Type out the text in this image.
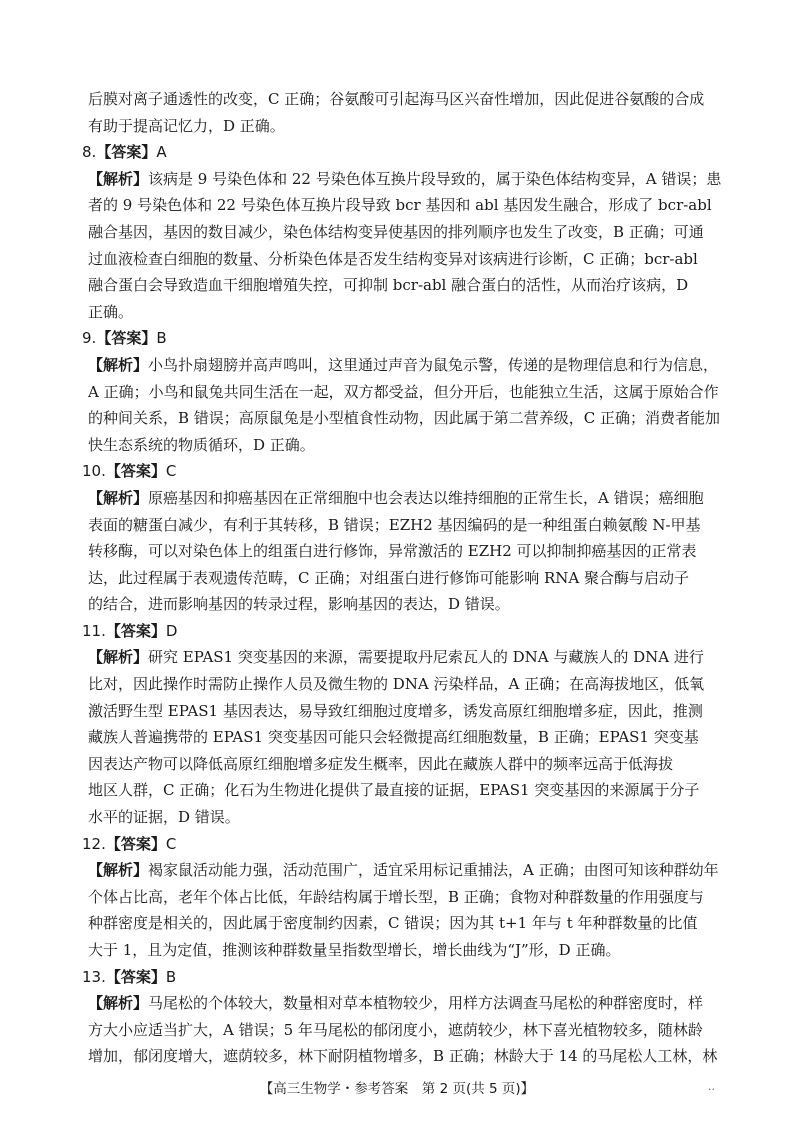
后膜对离子通透性的改变，C 正确；谷氨酸可引起海马区兴奋性增加，因此促进谷氨酸的合成
有助于提高记忆力，D 正确。
8.【答案】A
【解析】该病是 9 号染色体和 22 号染色体互换片段导致的，属于染色体结构变异，A 错误；患
者的 9 号染色体和 22 号染色体互换片段导致 bcr 基因和 abl 基因发生融合，形成了 bcr-abl
融合基因，基因的数目减少，染色体结构变异使基因的排列顺序也发生了改变，B 正确；可通
过血液检查白细胞的数量、分析染色体是否发生结构变异对该病进行诊断，C 正确；bcr-abl
融合蛋白会导致造血干细胞增殖失控，可抑制 bcr-abl 融合蛋白的活性，从而治疗该病，D
正确。
9.【答案】B
【解析】小鸟扑扇翅膀并高声鸣叫，这里通过声音为鼠兔示警，传递的是物理信息和行为信息，
A 正确；小鸟和鼠兔共同生活在一起，双方都受益，但分开后，也能独立生活，这属于原始合作
的种间关系，B 错误；高原鼠兔是小型植食性动物，因此属于第二营养级，C 正确；消费者能加
快生态系统的物质循环，D 正确。
10.【答案】C
【解析】原癌基因和抑癌基因在正常细胞中也会表达以维持细胞的正常生长，A 错误；癌细胞
表面的糖蛋白减少，有利于其转移，B 错误；EZH2 基因编码的是一种组蛋白赖氨酸 N-甲基
转移酶，可以对染色体上的组蛋白进行修饰，异常激活的 EZH2 可以抑制抑癌基因的正常表
达，此过程属于表观遗传范畴，C 正确；对组蛋白进行修饰可能影响 RNA 聚合酶与启动子
的结合，进而影响基因的转录过程，影响基因的表达，D 错误。
11.【答案】D
【解析】研究 EPAS1 突变基因的来源，需要提取丹尼索瓦人的 DNA 与藏族人的 DNA 进行
比对，因此操作时需防止操作人员及微生物的 DNA 污染样品，A 正确；在高海拔地区，低氧
激活野生型 EPAS1 基因表达，易导致红细胞过度增多，诱发高原红细胞增多症，因此，推测
藏族人普遍携带的 EPAS1 突变基因可能只会轻微提高红细胞数量，B 正确；EPAS1 突变基
因表达产物可以降低高原红细胞增多症发生概率，因此在藏族人群中的频率远高于低海拔
地区人群，C 正确；化石为生物进化提供了最直接的证据，EPAS1 突变基因的来源属于分子
水平的证据，D 错误。
12.【答案】C
【解析】褐家鼠活动能力强，活动范围广，适宜采用标记重捕法，A 正确；由图可知该种群幼年
个体占比高，老年个体占比低，年龄结构属于增长型，B 正确；食物对种群数量的作用强度与
种群密度是相关的，因此属于密度制约因素，C 错误；因为其 t+1 年与 t 年种群数量的比值
大于 1，且为定值，推测该种群数量呈指数型增长，增长曲线为“J”形，D 正确。
13.【答案】B
【解析】马尾松的个体较大，数量相对草本植物较少，用样方法调查马尾松的种群密度时，样
方大小应适当扩大，A 错误；5 年马尾松的郁闭度小，遮荫较少，林下喜光植物较多，随林龄
增加，郁闭度增大，遮荫较多，林下耐阴植物增多，B 正确；林龄大于 14 的马尾松人工林，林
【高三生物学・参考答案　第 2 页(共 5 页)】	..
